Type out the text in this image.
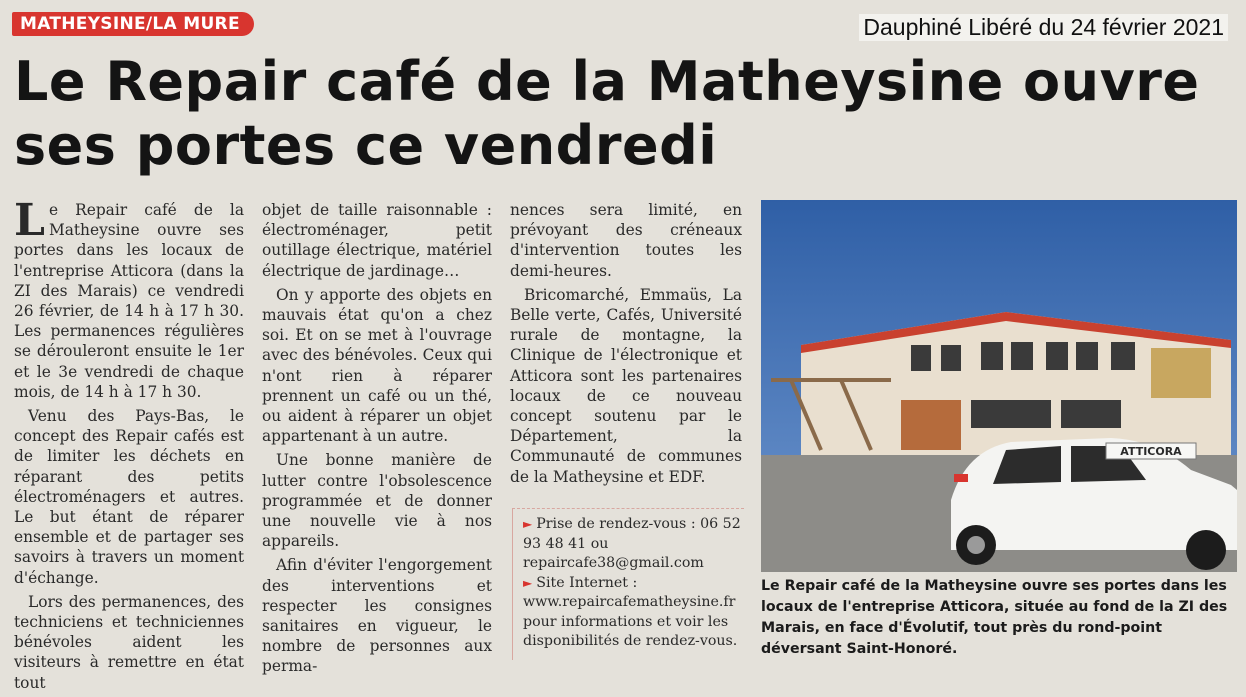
MATHEYSINE/LA MURE	Dauphiné Libéré du 24 février 2021
Le Repair café de la Matheysine ouvre ses portes ce vendredi

Le Repair café de la Matheysine ouvre ses portes dans les locaux de l'entreprise Atticora (dans la ZI des Marais) ce vendredi 26 février, de 14 h à 17 h 30. Les permanences régulières se dérouleront ensuite le 1er et le 3e vendredi de chaque mois, de 14 h à 17 h 30.

Venu des Pays-Bas, le concept des Repair cafés est de limiter les déchets en réparant des petits électroménagers et autres. Le but étant de réparer ensemble et de partager ses savoirs à travers un moment d'échange.

Lors des permanences, des techniciens et techniciennes bénévoles aident les visiteurs à remettre en état tout

objet de taille raisonnable : électroménager, petit outillage électrique, matériel électrique de jardinage…

On y apporte des objets en mauvais état qu'on a chez soi. Et on se met à l'ouvrage avec des bénévoles. Ceux qui n'ont rien à réparer prennent un café ou un thé, ou aident à réparer un objet appartenant à un autre.

Une bonne manière de lutter contre l'obsolescence programmée et de donner une nouvelle vie à nos appareils.

Afin d'éviter l'engorgement des interventions et respecter les consignes sanitaires en vigueur, le nombre de personnes aux perma-

nences sera limité, en prévoyant des créneaux d'intervention toutes les demi-heures.

Bricomarché, Emmaüs, La Belle verte, Cafés, Université rurale de montagne, la Clinique de l'électronique et Atticora sont les partenaires locaux de ce nouveau concept soutenu par le Département, la Communauté de communes de la Matheysine et EDF.

► Prise de rendez-vous : 06 52 93 48 41 ou repaircafe38@gmail.com

► Site Internet : www.repaircafematheysine.fr pour informations et voir les disponibilités de rendez-vous.

ATTICORA
Le Repair café de la Matheysine ouvre ses portes dans les locaux de l'entreprise Atticora, située au fond de la ZI des Marais, en face d'Évolutif, tout près du rond-point déversant Saint-Honoré.
